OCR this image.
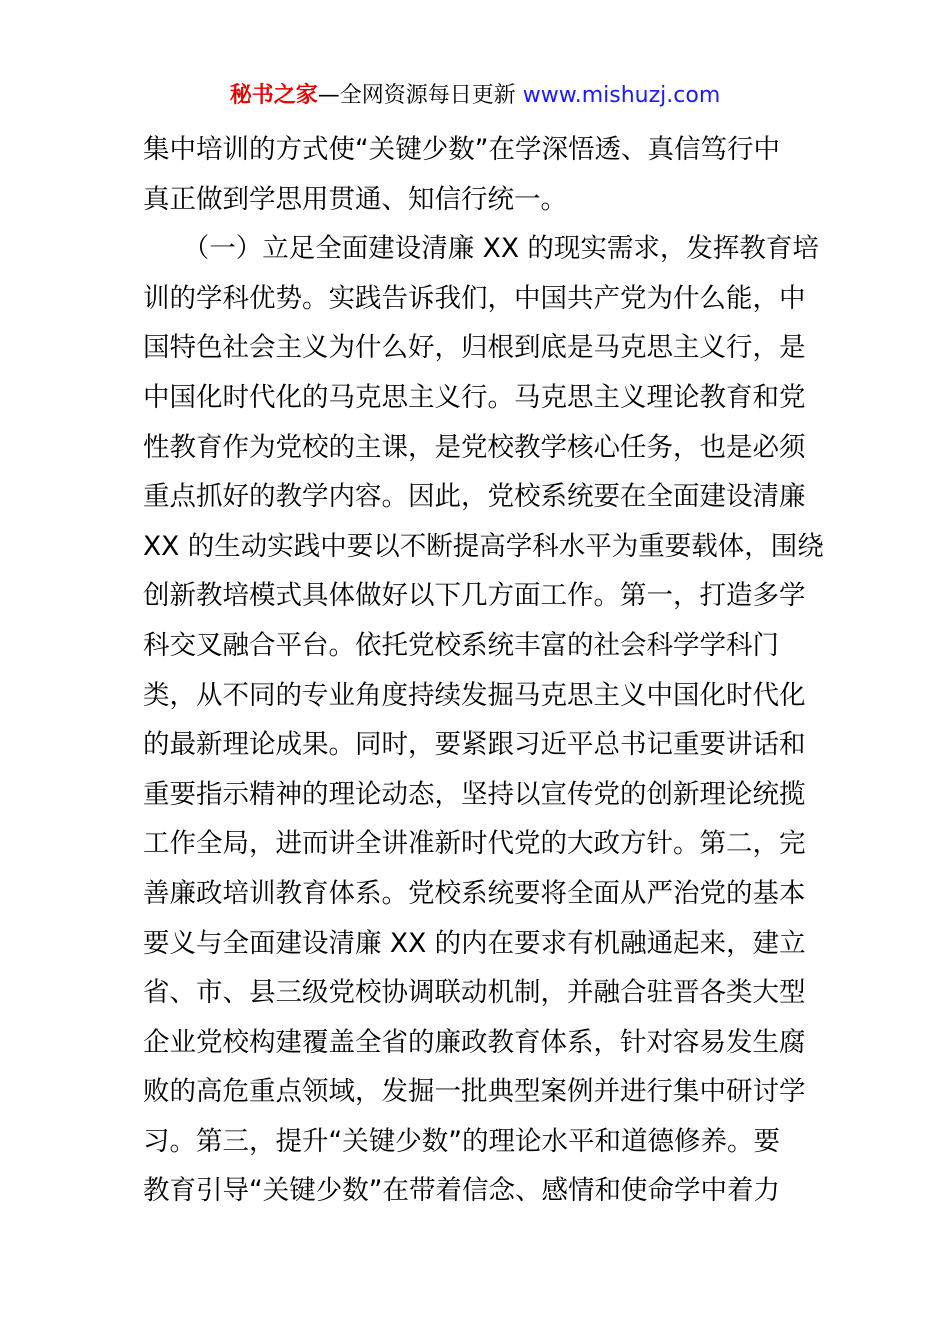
秘书之家—全网资源每日更新 www.mishuzj.com
集中培训的方式使“关键少数”在学深悟透、真信笃行中
真正做到学思用贯通、知信行统一。
　　（一）立足全面建设清廉 XX 的现实需求，发挥教育培
训的学科优势。实践告诉我们，中国共产党为什么能，中
国特色社会主义为什么好，归根到底是马克思主义行，是
中国化时代化的马克思主义行。马克思主义理论教育和党
性教育作为党校的主课，是党校教学核心任务，也是必须
重点抓好的教学内容。因此，党校系统要在全面建设清廉
XX 的生动实践中要以不断提高学科水平为重要载体，围绕
创新教培模式具体做好以下几方面工作。第一，打造多学
科交叉融合平台。依托党校系统丰富的社会科学学科门
类，从不同的专业角度持续发掘马克思主义中国化时代化
的最新理论成果。同时，要紧跟习近平总书记重要讲话和
重要指示精神的理论动态，坚持以宣传党的创新理论统揽
工作全局，进而讲全讲准新时代党的大政方针。第二，完
善廉政培训教育体系。党校系统要将全面从严治党的基本
要义与全面建设清廉 XX 的内在要求有机融通起来，建立
省、市、县三级党校协调联动机制，并融合驻晋各类大型
企业党校构建覆盖全省的廉政教育体系，针对容易发生腐
败的高危重点领域，发掘一批典型案例并进行集中研讨学
习。第三，提升“关键少数”的理论水平和道德修养。要
教育引导“关键少数”在带着信念、感情和使命学中着力
